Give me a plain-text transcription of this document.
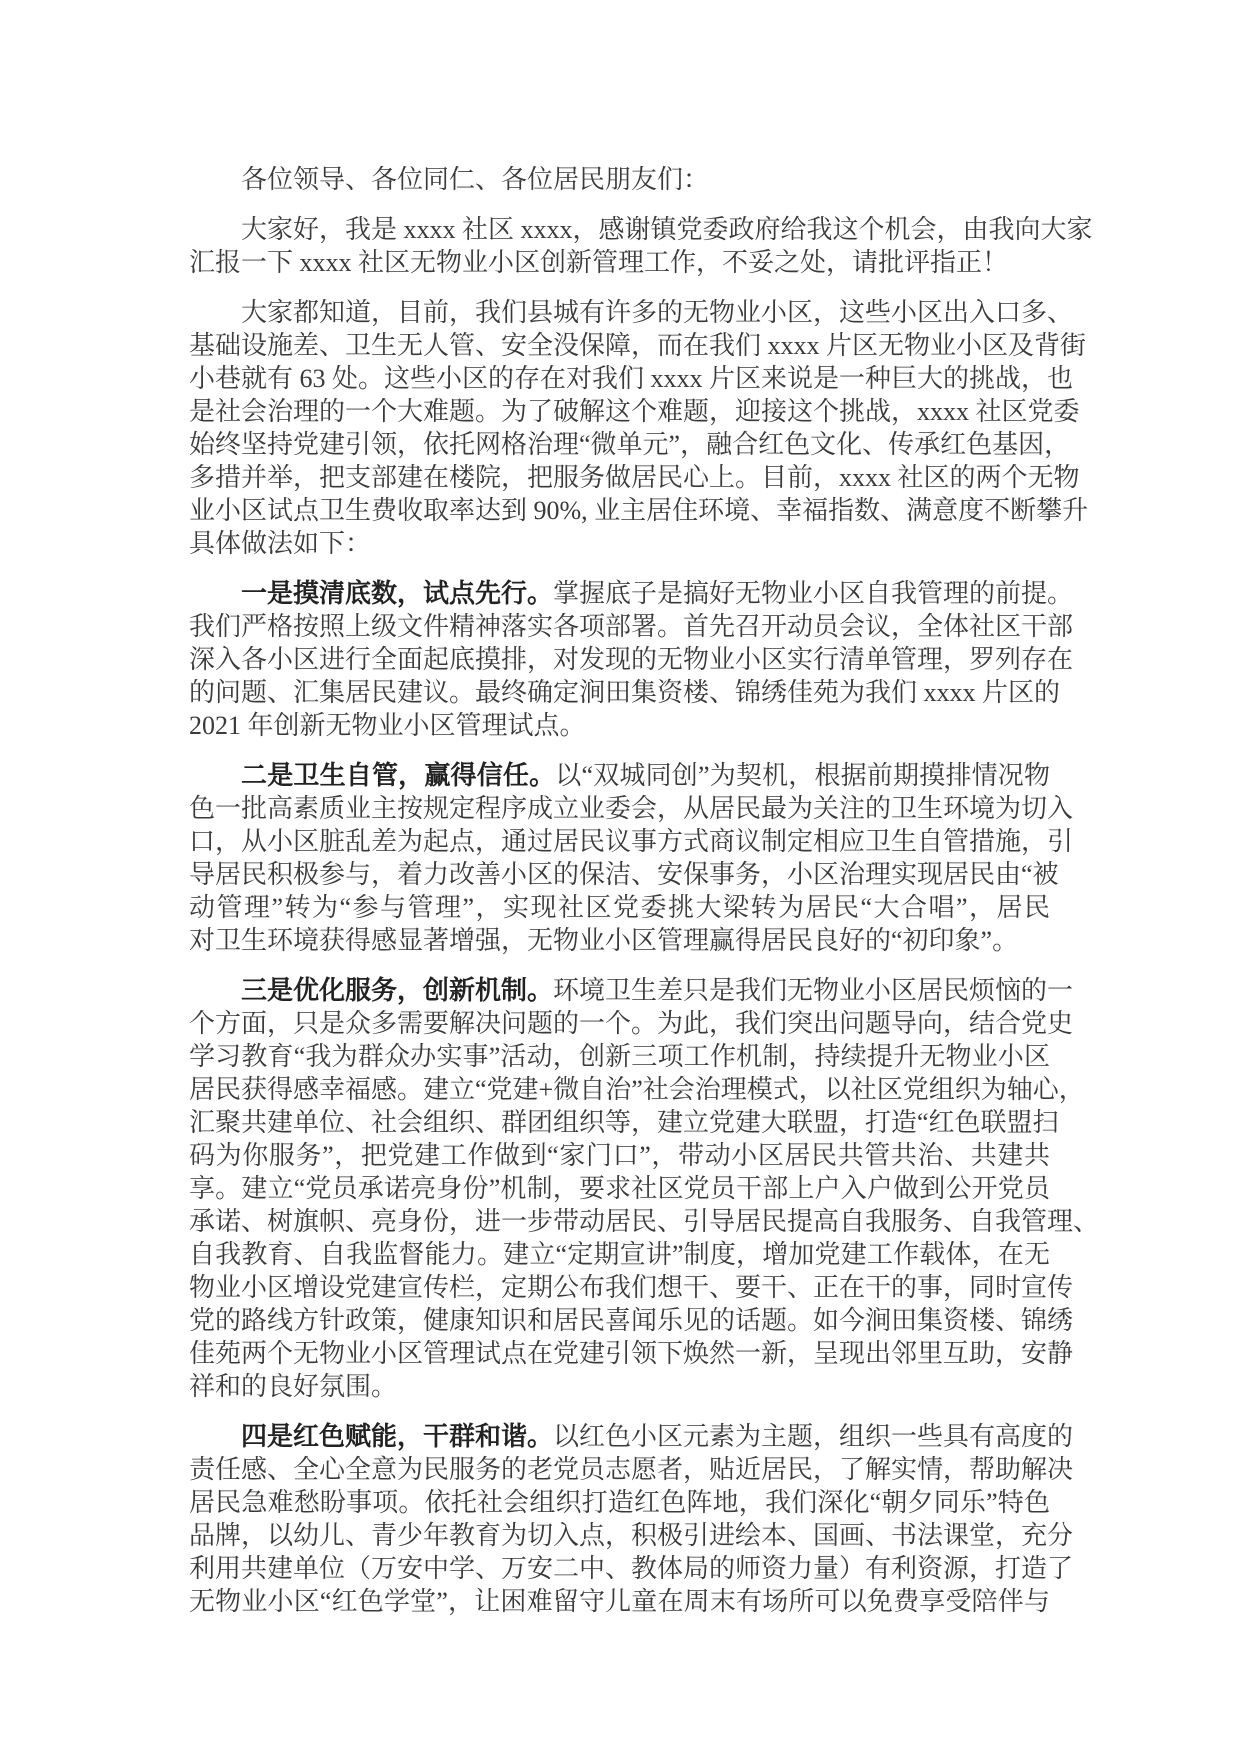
各位领导、各位同仁、各位居民朋友们：
大家好，我是 xxxx 社区 xxxx，感谢镇党委政府给我这个机会，由我向大家
汇报一下 xxxx 社区无物业小区创新管理工作，不妥之处，请批评指正！
大家都知道，目前，我们县城有许多的无物业小区，这些小区出入口多、
基础设施差、卫生无人管、安全没保障，而在我们 xxxx 片区无物业小区及背街
小巷就有 63 处。这些小区的存在对我们 xxxx 片区来说是一种巨大的挑战，也
是社会治理的一个大难题。为了破解这个难题，迎接这个挑战，xxxx 社区党委
始终坚持党建引领，依托网格治理“微单元”，融合红色文化、传承红色基因，
多措并举，把支部建在楼院，把服务做居民心上。目前，xxxx 社区的两个无物
业小区试点卫生费收取率达到 90%, 业主居住环境、幸福指数、满意度不断攀升
具体做法如下：
一是摸清底数，试点先行。掌握底子是搞好无物业小区自我管理的前提。
我们严格按照上级文件精神落实各项部署。首先召开动员会议，全体社区干部
深入各小区进行全面起底摸排，对发现的无物业小区实行清单管理，罗列存在
的问题、汇集居民建议。最终确定涧田集资楼、锦绣佳苑为我们 xxxx 片区的
2021 年创新无物业小区管理试点。
二是卫生自管，赢得信任。以“双城同创”为契机，根据前期摸排情况物
色一批高素质业主按规定程序成立业委会，从居民最为关注的卫生环境为切入
口，从小区脏乱差为起点，通过居民议事方式商议制定相应卫生自管措施，引
导居民积极参与，着力改善小区的保洁、安保事务，小区治理实现居民由“被
动管理”转为“参与管理”，实现社区党委挑大梁转为居民“大合唱”，居民
对卫生环境获得感显著增强，无物业小区管理赢得居民良好的“初印象”。
三是优化服务，创新机制。环境卫生差只是我们无物业小区居民烦恼的一
个方面，只是众多需要解决问题的一个。为此，我们突出问题导向，结合党史
学习教育“我为群众办实事”活动，创新三项工作机制，持续提升无物业小区
居民获得感幸福感。建立“党建+微自治”社会治理模式，以社区党组织为轴心，
汇聚共建单位、社会组织、群团组织等，建立党建大联盟，打造“红色联盟扫
码为你服务”，把党建工作做到“家门口”，带动小区居民共管共治、共建共
享。建立“党员承诺亮身份”机制，要求社区党员干部上户入户做到公开党员
承诺、树旗帜、亮身份，进一步带动居民、引导居民提高自我服务、自我管理、
自我教育、自我监督能力。建立“定期宣讲”制度，增加党建工作载体，在无
物业小区增设党建宣传栏，定期公布我们想干、要干、正在干的事，同时宣传
党的路线方针政策，健康知识和居民喜闻乐见的话题。如今涧田集资楼、锦绣
佳苑两个无物业小区管理试点在党建引领下焕然一新，呈现出邻里互助，安静
祥和的良好氛围。
四是红色赋能，干群和谐。以红色小区元素为主题，组织一些具有高度的
责任感、全心全意为民服务的老党员志愿者，贴近居民，了解实情，帮助解决
居民急难愁盼事项。依托社会组织打造红色阵地，我们深化“朝夕同乐”特色
品牌，以幼儿、青少年教育为切入点，积极引进绘本、国画、书法课堂，充分
利用共建单位（万安中学、万安二中、教体局的师资力量）有利资源，打造了
无物业小区“红色学堂”，让困难留守儿童在周末有场所可以免费享受陪伴与
